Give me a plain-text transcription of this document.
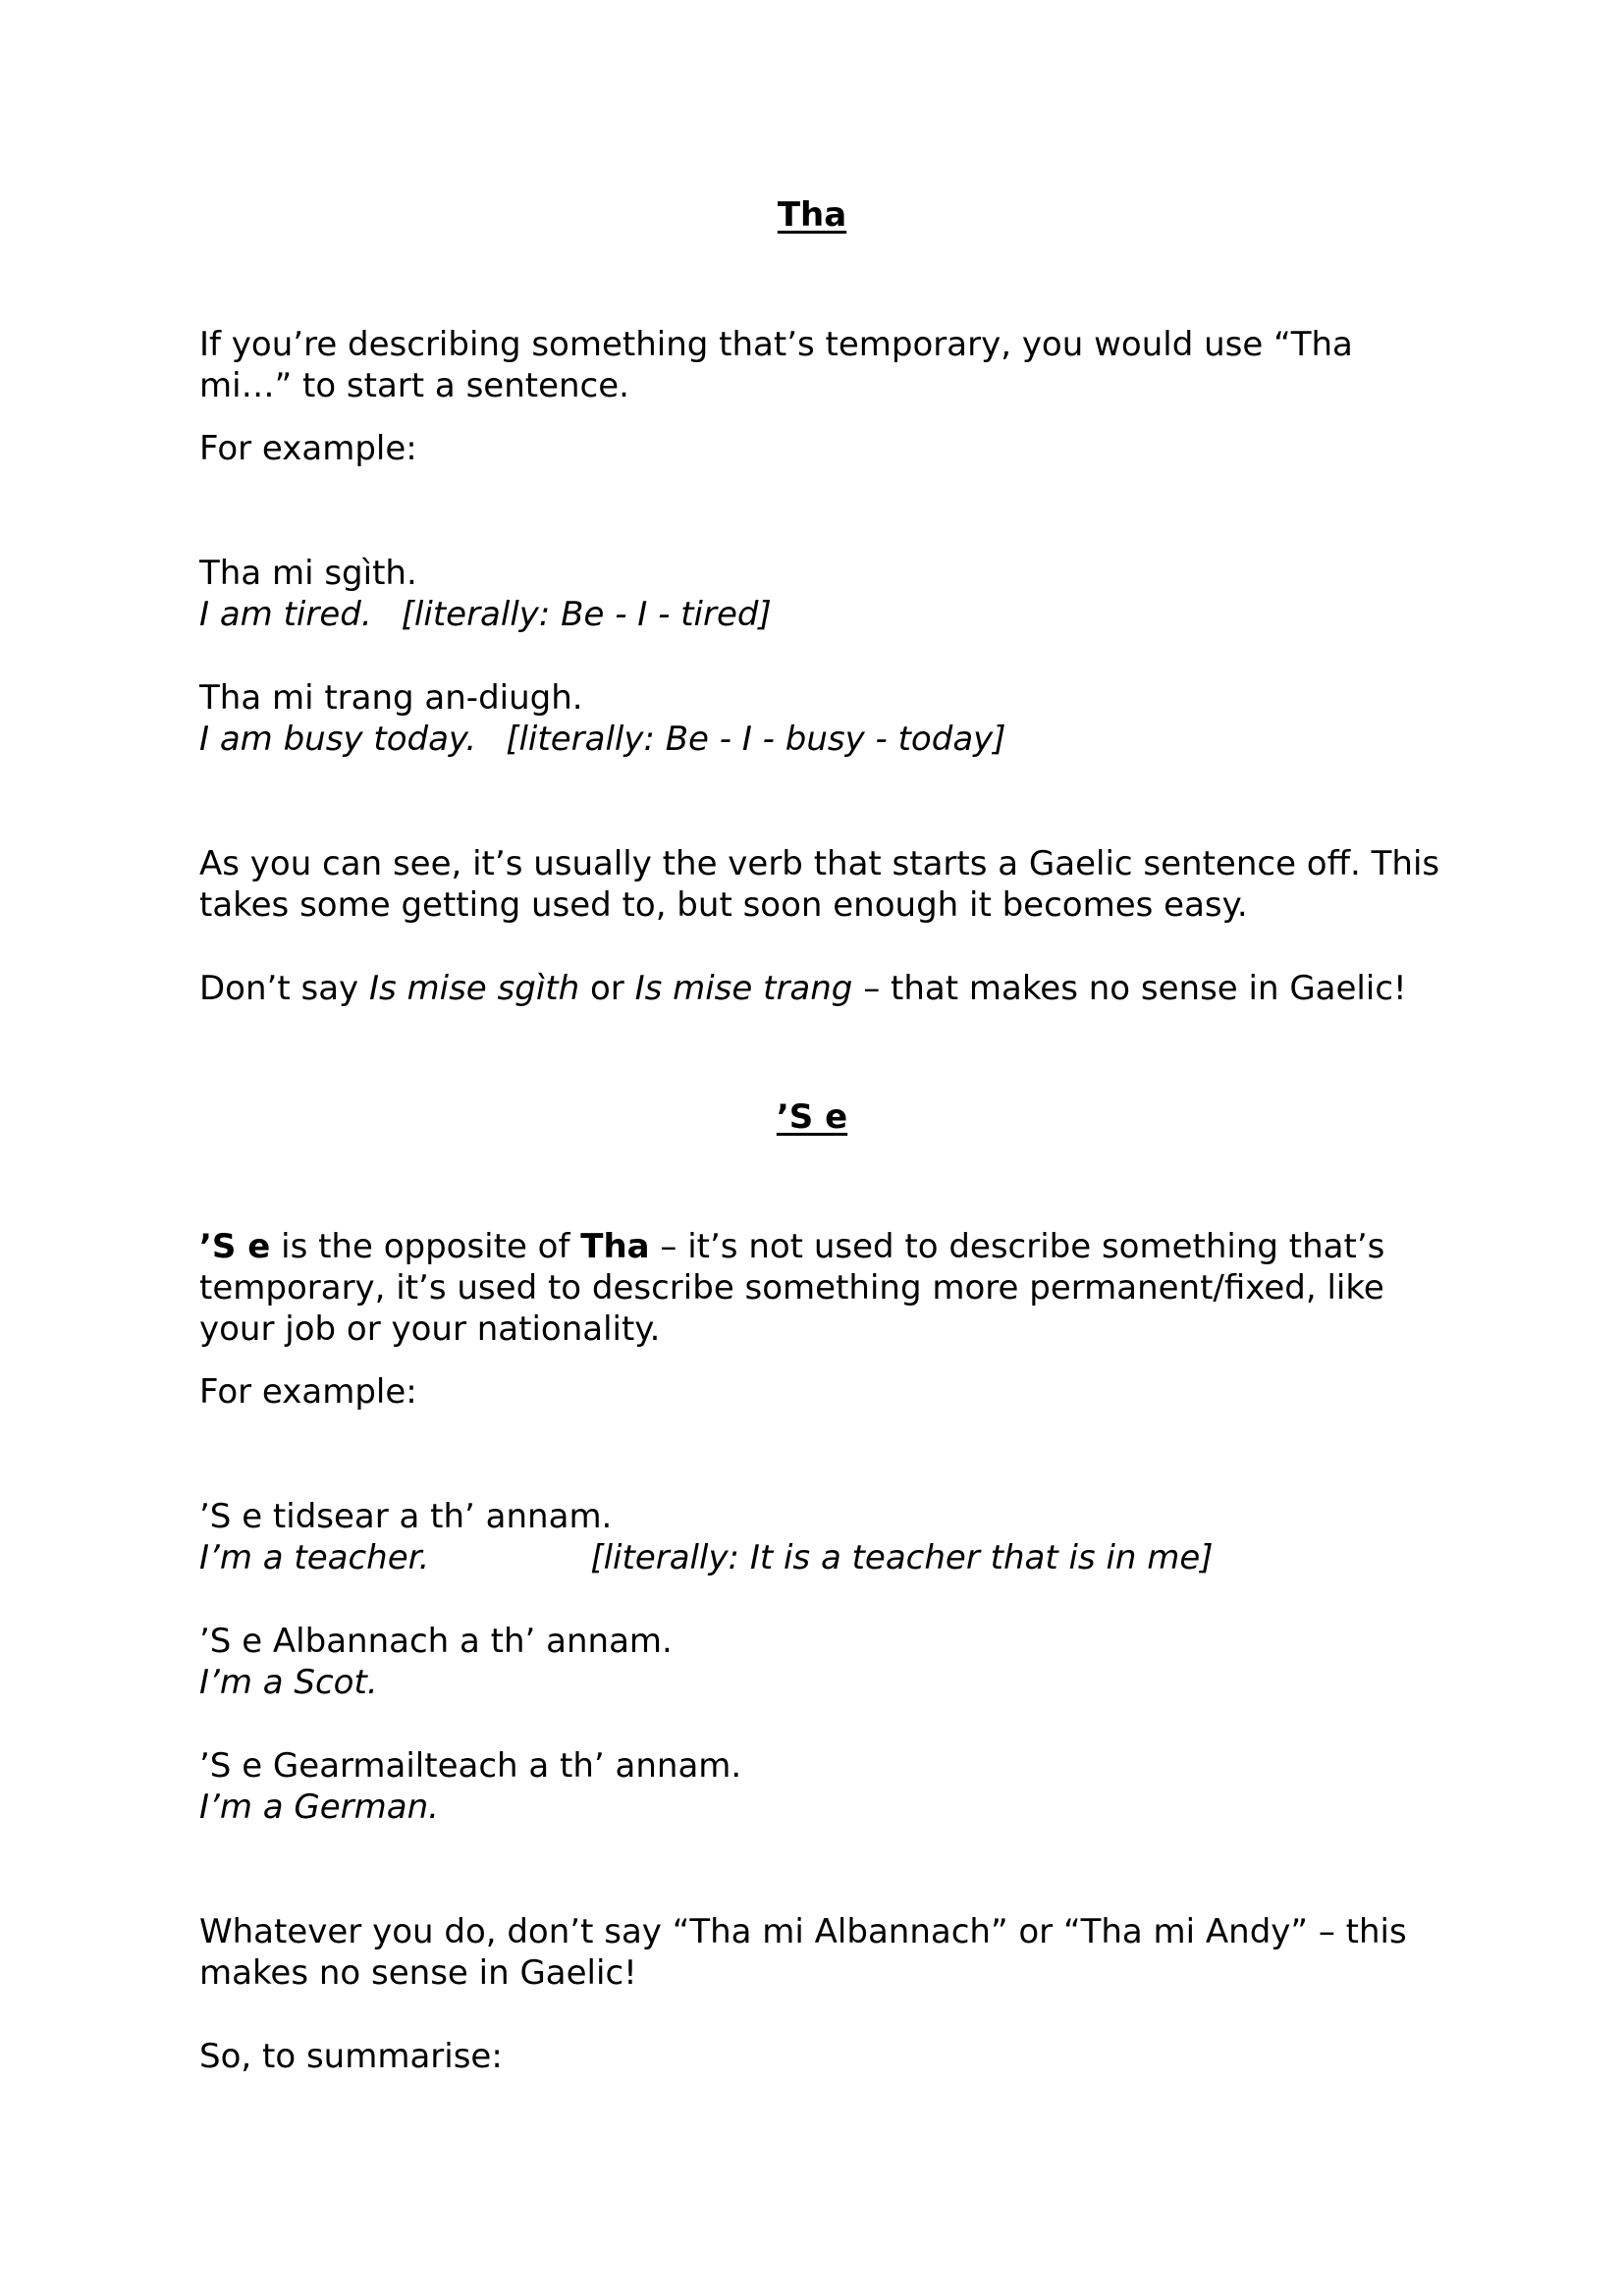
Tha

If you’re describing something that’s temporary, you would use “Tha

mi…” to start a sentence.

For example:

Tha mi sgìth.

I am tired. [literally: Be - I - tired]

Tha mi trang an-diugh.

I am busy today. [literally: Be - I - busy - today]

As you can see, it’s usually the verb that starts a Gaelic sentence off. This

takes some getting used to, but soon enough it becomes easy.

Don’t say Is mise sgìth or Is mise trang – that makes no sense in Gaelic!

’S e

’S e is the opposite of Tha – it’s not used to describe something that’s

temporary, it’s used to describe something more permanent/fixed, like

your job or your nationality.

For example:

’S e tidsear a th’ annam.

I’m a teacher.	[literally: It is a teacher that is in me]

’S e Albannach a th’ annam.

I’m a Scot.

’S e Gearmailteach a th’ annam.

I’m a German.

Whatever you do, don’t say “Tha mi Albannach” or “Tha mi Andy” – this

makes no sense in Gaelic!

So, to summarise:
